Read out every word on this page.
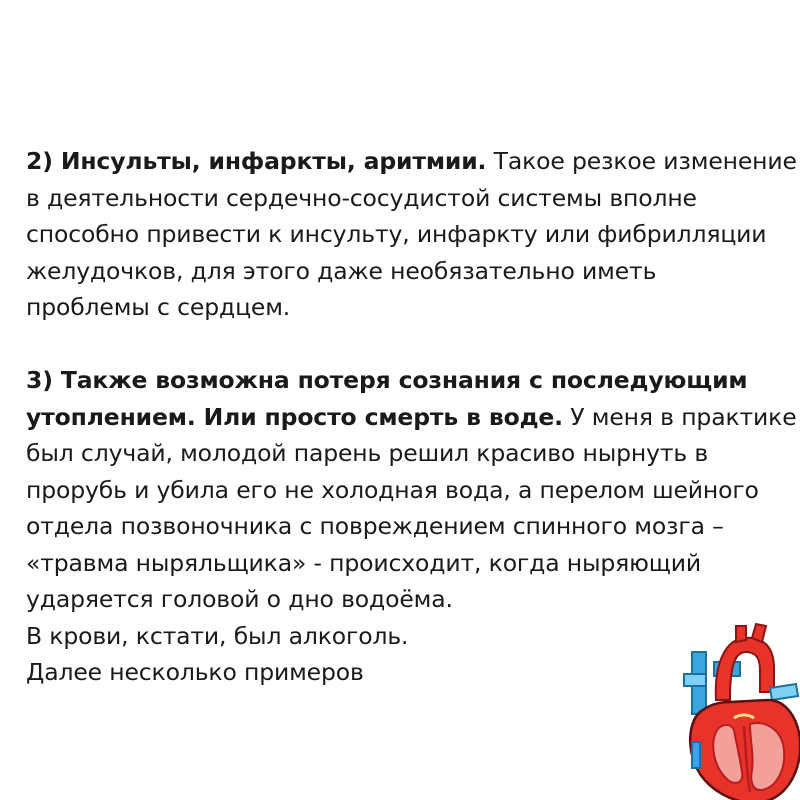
2) Инсульты, инфаркты, аритмии. Такое резкое изменение
в деятельности сердечно-сосудистой системы вполне
способно привести к инсульту, инфаркту или фибрилляции
желудочков, для этого даже необязательно иметь
проблемы с сердцем.
3) Также возможна потеря сознания с последующим
утоплением. Или просто смерть в воде. У меня в практике
был случай, молодой парень решил красиво нырнуть в
прорубь и убила его не холодная вода, а перелом шейного
отдела позвоночника с повреждением спинного мозга –
«травма ныряльщика» - происходит, когда ныряющий
ударяется головой о дно водоёма.
В крови, кстати, был алкоголь.
Далее несколько примеров
